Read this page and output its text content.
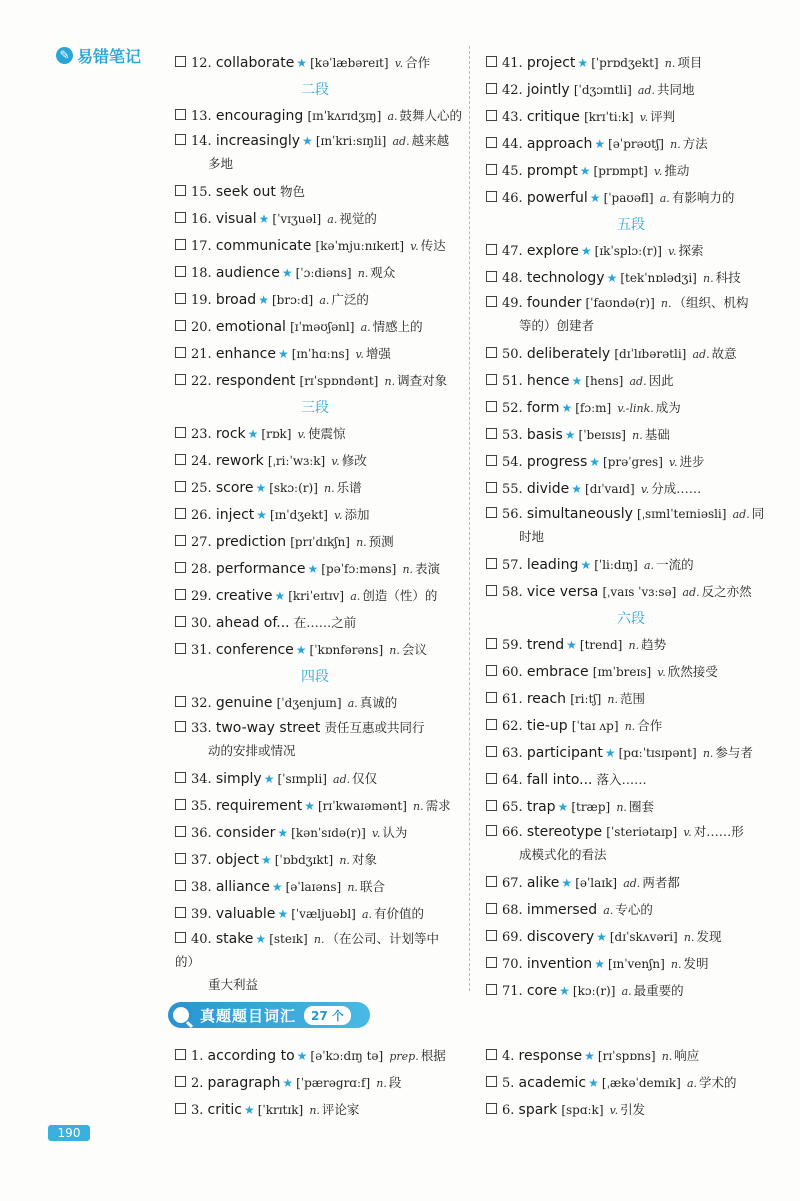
✎ 易错笔记	12. collaborate ★ [kəˈlæbəreɪt] v. 合作
二段
13. encouraging [ɪnˈkʌrɪdʒɪŋ] a. 鼓舞人心的
14. increasingly ★ [ɪnˈkriːsɪŋli] ad. 越来越
多地
15. seek out 物色
16. visual ★ [ˈvɪʒuəl] a. 视觉的
17. communicate [kəˈmjuːnɪkeɪt] v. 传达
18. audience ★ [ˈɔːdiəns] n. 观众
19. broad ★ [brɔːd] a. 广泛的
20. emotional [ɪˈməʊʃənl] a. 情感上的
21. enhance ★ [ɪnˈhɑːns] v. 增强
22. respondent [rɪˈspɒndənt] n. 调查对象
三段
23. rock ★ [rɒk] v. 使震惊
24. rework [ˌriːˈwɜːk] v. 修改
25. score ★ [skɔː(r)] n. 乐谱
26. inject ★ [ɪnˈdʒekt] v. 添加
27. prediction [prɪˈdɪkʃn] n. 预测
28. performance ★ [pəˈfɔːməns] n. 表演
29. creative ★ [kriˈeɪtɪv] a. 创造（性）的
30. ahead of... 在……之前
31. conference ★ [ˈkɒnfərəns] n. 会议
四段
32. genuine [ˈdʒenjuɪn] a. 真诚的
33. two-way street 责任互惠或共同行
动的安排或情况
34. simply ★ [ˈsɪmpli] ad. 仅仅
35. requirement ★ [rɪˈkwaɪəmənt] n. 需求
36. consider ★ [kənˈsɪdə(r)] v. 认为
37. object ★ [ˈɒbdʒɪkt] n. 对象
38. alliance ★ [əˈlaɪəns] n. 联合
39. valuable ★ [ˈvæljuəbl] a. 有价值的
40. stake ★ [steɪk] n. （在公司、计划等中的）
重大利益
41. project ★ [ˈprɒdʒekt] n. 项目
42. jointly [ˈdʒɔɪntli] ad. 共同地
43. critique [krɪˈtiːk] v. 评判
44. approach ★ [əˈprəʊtʃ] n. 方法
45. prompt ★ [prɒmpt] v. 推动
46. powerful ★ [ˈpaʊəfl] a. 有影响力的
五段
47. explore ★ [ɪkˈsplɔː(r)] v. 探索
48. technology ★ [tekˈnɒlədʒi] n. 科技
49. founder [ˈfaʊndə(r)] n. （组织、机构
等的）创建者
50. deliberately [dɪˈlɪbərətli] ad. 故意
51. hence ★ [hens] ad. 因此
52. form ★ [fɔːm] v.-link. 成为
53. basis ★ [ˈbeɪsɪs] n. 基础
54. progress ★ [prəˈgres] v. 进步
55. divide ★ [dɪˈvaɪd] v. 分成……
56. simultaneously [ˌsɪmlˈteɪniəsli] ad. 同
时地
57. leading ★ [ˈliːdɪŋ] a. 一流的
58. vice versa [ˌvaɪs ˈvɜːsə] ad. 反之亦然
六段
59. trend ★ [trend] n. 趋势
60. embrace [ɪmˈbreɪs] v. 欣然接受
61. reach [riːtʃ] n. 范围
62. tie-up [ˈtaɪ ʌp] n. 合作
63. participant ★ [pɑːˈtɪsɪpənt] n. 参与者
64. fall into... 落入……
65. trap ★ [træp] n. 圈套
66. stereotype [ˈsteriətaɪp] v. 对……形
成模式化的看法
67. alike ★ [əˈlaɪk] ad. 两者都
68. immersed a. 专心的
69. discovery ★ [dɪˈskʌvəri] n. 发现
70. invention ★ [ɪnˈvenʃn] n. 发明
71. core ★ [kɔː(r)] a. 最重要的
真题题目词汇	27 个
1. according to ★ [əˈkɔːdɪŋ tə] prep. 根据
2. paragraph ★ [ˈpærəgrɑːf] n. 段
3. critic ★ [ˈkrɪtɪk] n. 评论家
4. response ★ [rɪˈspɒns] n. 响应
5. academic ★ [ˌækəˈdemɪk] a. 学术的
6. spark [spɑːk] v. 引发
190
